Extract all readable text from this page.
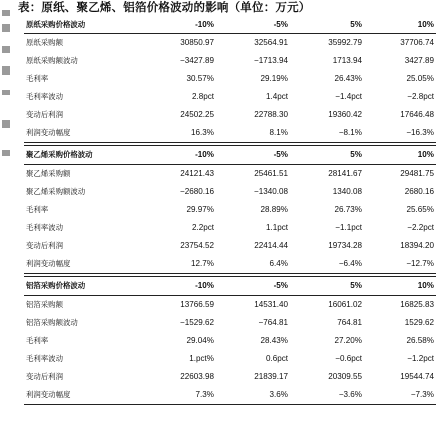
表：原纸、聚乙烯、铝箔价格波动的影响（单位：万元）
原纸采购价格波动	-10%	-5%	5%	10%
原纸采购额	30850.97	32564.91	35992.79	37706.74
原纸采购额波动	−3427.89	−1713.94	1713.94	3427.89
毛利率	30.57%	29.19%	26.43%	25.05%
毛利率波动	2.8pct	1.4pct	−1.4pct	−2.8pct
变动后利润	24502.25	22788.30	19360.42	17646.48
利润变动幅度	16.3%	8.1%	−8.1%	−16.3%

聚乙烯采购价格波动	-10%	-5%	5%	10%
聚乙烯采购额	24121.43	25461.51	28141.67	29481.75
聚乙烯采购额波动	−2680.16	−1340.08	1340.08	2680.16
毛利率	29.97%	28.89%	26.73%	25.65%
毛利率波动	2.2pct	1.1pct	−1.1pct	−2.2pct
变动后利润	23754.52	22414.44	19734.28	18394.20
利润变动幅度	12.7%	6.4%	−6.4%	−12.7%

铝箔采购价格波动	-10%	-5%	5%	10%
铝箔采购额	13766.59	14531.40	16061.02	16825.83
铝箔采购额波动	−1529.62	−764.81	764.81	1529.62
毛利率	29.04%	28.43%	27.20%	26.58%
毛利率波动	1.pct%	0.6pct	−0.6pct	−1.2pct
变动后利润	22603.98	21839.17	20309.55	19544.74
利润变动幅度	7.3%	3.6%	−3.6%	−7.3%
